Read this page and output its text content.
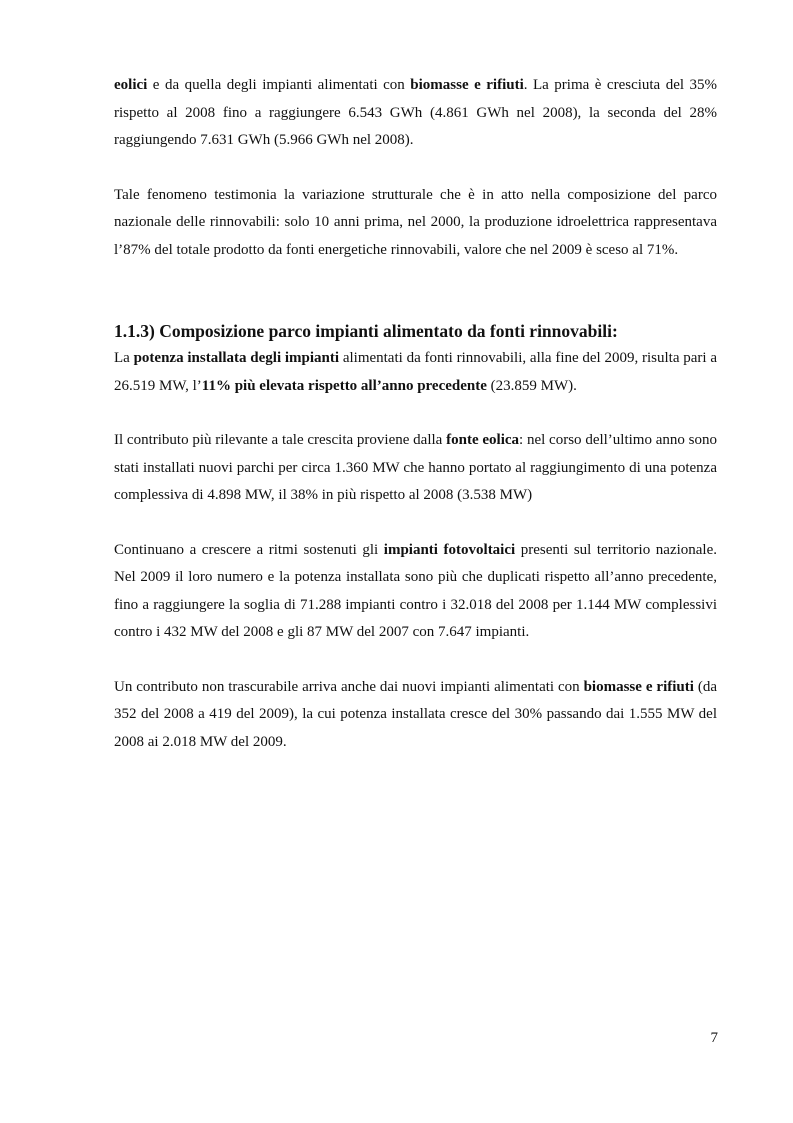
eolici e da quella degli impianti alimentati con biomasse e rifiuti. La prima è cresciuta del 35% rispetto al 2008 fino a raggiungere 6.543 GWh (4.861 GWh nel 2008), la seconda del 28% raggiungendo 7.631 GWh (5.966 GWh nel 2008).

Tale fenomeno testimonia la variazione strutturale che è in atto nella composizione del parco nazionale delle rinnovabili: solo 10 anni prima, nel 2000, la produzione idroelettrica rappresentava l’87% del totale prodotto da fonti energetiche rinnovabili, valore che nel 2009 è sceso al 71%.

1.1.3) Composizione parco impianti alimentato da fonti rinnovabili:

La potenza installata degli impianti alimentati da fonti rinnovabili, alla fine del 2009, risulta pari a 26.519 MW, l’11% più elevata rispetto all’anno precedente (23.859 MW).

Il contributo più rilevante a tale crescita proviene dalla fonte eolica: nel corso dell’ultimo anno sono stati installati nuovi parchi per circa 1.360 MW che hanno portato al raggiungimento di una potenza complessiva di 4.898 MW, il 38% in più rispetto al 2008 (3.538 MW)

Continuano a crescere a ritmi sostenuti gli impianti fotovoltaici presenti sul territorio nazionale. Nel 2009 il loro numero e la potenza installata sono più che duplicati rispetto all’anno precedente, fino a raggiungere la soglia di 71.288 impianti contro i 32.018 del 2008 per 1.144 MW complessivi contro i 432 MW del 2008 e gli 87 MW del 2007 con 7.647 impianti.

Un contributo non trascurabile arriva anche dai nuovi impianti alimentati con biomasse e rifiuti (da 352 del 2008 a 419 del 2009), la cui potenza installata cresce del 30% passando dai 1.555 MW del 2008 ai 2.018 MW del 2009.

7
